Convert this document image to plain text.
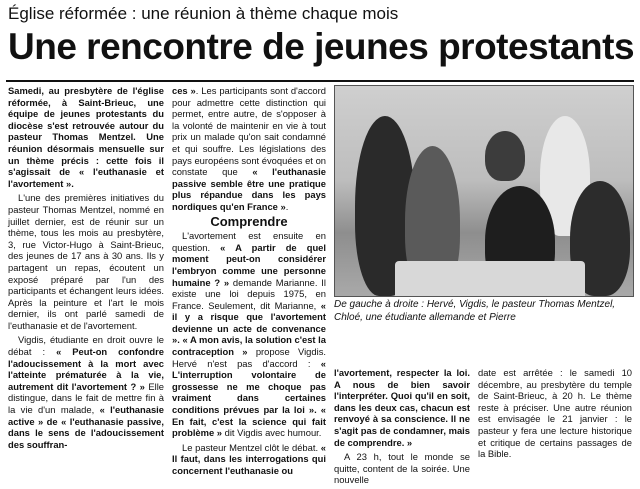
Église réformée : une réunion à thème chaque mois
Une rencontre de jeunes protestants

Samedi, au presbytère de l'église réformée, à Saint-Brieuc, une équipe de jeunes protestants du diocèse s'est retrouvée autour du pasteur Thomas Mentzel. Une réunion désormais mensuelle sur un thème précis : cette fois il s'agissait de « l'euthanasie et l'avortement ».

L'une des premières initiatives du pasteur Thomas Mentzel, nommé en juillet dernier, est de réunir sur un thème, tous les mois au presbytère, 3, rue Victor-Hugo à Saint-Brieuc, des jeunes de 17 ans à 30 ans. Ils y partagent un repas, écoutent un exposé préparé par l'un des participants et échangent leurs idées. Après la peinture et l'art le mois dernier, ils ont parlé samedi de l'euthanasie et de l'avortement.

Vigdis, étudiante en droit ouvre le débat : « Peut-on confondre l'adoucissement à la mort avec l'atteinte prématurée à la vie, autrement dit l'avortement ? » Elle distingue, dans le fait de mettre fin à la vie d'un malade, « l'euthanasie active » de « l'euthanasie passive, dans le sens de l'adoucissement des souffran-

ces ». Les participants sont d'accord pour admettre cette distinction qui permet, entre autre, de s'opposer à la volonté de maintenir en vie à tout prix un malade qu'on sait condamné et qui souffre. Les législations des pays européens sont évoquées et on constate que « l'euthanasie passive semble être une pratique plus répandue dans les pays nordiques qu'en France ».

Comprendre

L'avortement est ensuite en question. « A partir de quel moment peut-on considérer l'embryon comme une personne humaine ? » demande Marianne. Il existe une loi depuis 1975, en France. Seulement, dit Marianne, « il y a risque que l'avortement devienne un acte de convenance ». « A mon avis, la solution c'est la contraception » propose Vigdis. Hervé n'est pas d'accord : « L'interruption volontaire de grossesse ne me choque pas vraiment dans certaines conditions prévues par la loi ». « En fait, c'est la science qui fait problème » dit Vigdis avec humour.

Le pasteur Mentzel clôt le débat. « Il faut, dans les interrogations qui concernent l'euthanasie ou

De gauche à droite : Hervé, Vigdis, le pasteur Thomas Mentzel, Chloé, une étudiante allemande et Pierre

l'avortement, respecter la loi. A nous de bien savoir l'interpréter. Quoi qu'il en soit, dans les deux cas, chacun est renvoyé à sa conscience. Il ne s'agit pas de condamner, mais de comprendre. »

A 23 h, tout le monde se quitte, content de la soirée. Une nouvelle

date est arrêtée : le samedi 10 décembre, au presbytère du temple de Saint-Brieuc, à 20 h. Le thème reste à préciser. Une autre réunion est envisagée le 21 janvier : le pasteur y fera une lecture historique et critique de certains passages de la Bible.
